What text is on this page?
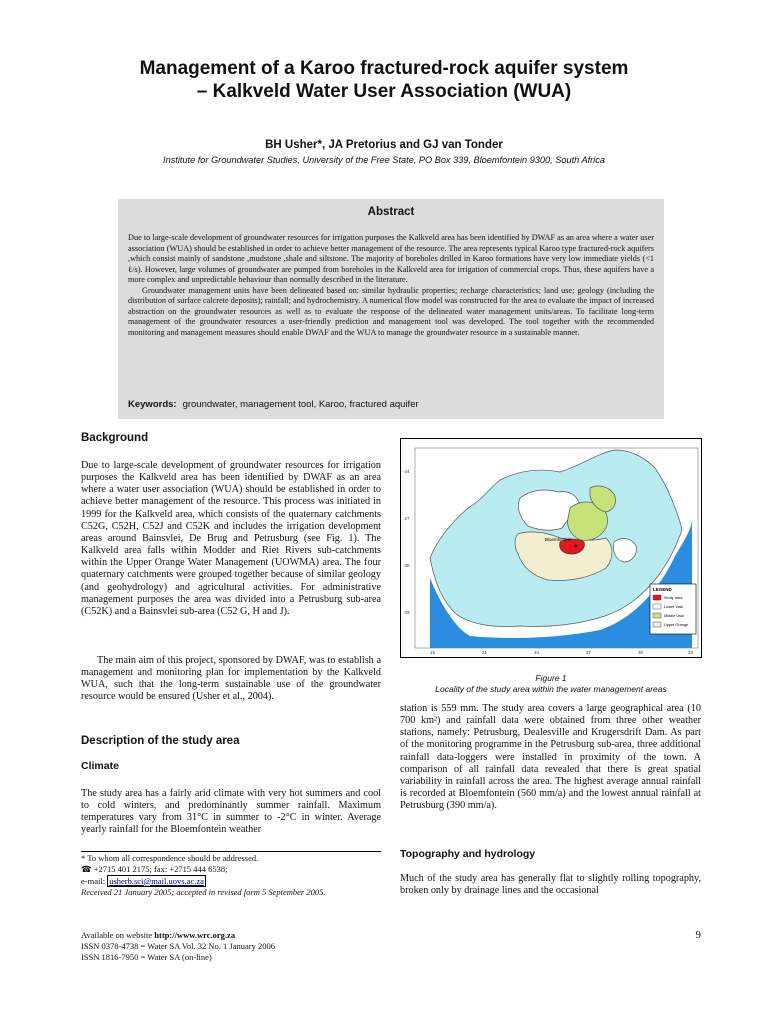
Management of a Karoo fractured-rock aquifer system
– Kalkveld Water User Association (WUA)
BH Usher*, JA Pretorius and GJ van Tonder
Institute for Groundwater Studies, University of the Free State, PO Box 339, Bloemfontein 9300, South Africa
Abstract

Due to large-scale development of groundwater resources for irrigation purposes the Kalkveld area has been identified by DWAF as an area where a water user association (WUA) should be established in order to achieve better management of the resource. The area represents typical Karoo type fractured-rock aquifers ,which consist mainly of sandstone ,mudstone ,shale and siltstone. The majority of boreholes drilled in Karoo formations have very low immediate yields (<1 ℓ/s). However, large volumes of groundwater are pumped from boreholes in the Kalkveld area for irrigation of commercial crops. Thus, these aquifers have a more complex and unpredictable behaviour than normally described in the literature.

Groundwater management units have been delineated based on: similar hydraulic properties; recharge characteristics; land use; geology (including the distribution of surface calcrete deposits); rainfall; and hydrochemistry. A numerical flow model was constructed for the area to evaluate the impact of increased abstraction on the groundwater resources as well as to evaluate the response of the delineated water management units/areas. To facilitate long-term management of the groundwater resources a user-friendly prediction and management tool was developed. The tool together with the recommended monitoring and management measures should enable DWAF and the WUA to manage the groundwater resource in a sustainable manner.

Keywords: groundwater, management tool, Karoo, fractured aquifer
Background

Due to large-scale development of groundwater resources for irrigation purposes the Kalkveld area has been identified by DWAF as an area where a water user association (WUA) should be established in order to achieve better management of the resource. This process was initiated in 1999 for the Kalkveld area, which consists of the quaternary catchments C52G, C52H, C52J and C52K and includes the irrigation development areas around Bainsvlei, De Brug and Petrusburg (see Fig. 1). The Kalkveld area falls within Modder and Riet Rivers sub-catchments within the Upper Orange Water Management (UOWMA) area. The four quaternary catchments were grouped together because of similar geology (and geohydrology) and agricultural activities. For administrative management purposes the area was divided into a Petrusburg sub-area (C52K) and a Bainsvlei sub-area (C52 G, H and J).

The main aim of this project, sponsored by DWAF, was to establish a management and monitoring plan for implementation by the Kalkveld WUA, such that the long-term sustainable use of the groundwater resource would be ensured (Usher et al., 2004).

Description of the study area
Climate

The study area has a fairly arid climate with very hot summers and cool to cold winters, and predominantly summer rainfall. Maximum temperatures vary from 31°C in summer to -2°C in winter. Average yearly rainfall for the Bloemfontein weather

Bloemfontein
-24
-27
-30
-33
18	21	24	27	30	33
LEGEND
Study area
Lower Vaal
Middle Vaal
Upper Orange
Figure 1
Locality of the study area within the water management areas

station is 559 mm. The study area covers a large geographical area (10 700 km²) and rainfall data were obtained from three other weather stations, namely: Petrusburg, Dealesville and Krugersdrift Dam. As part of the monitoring programme in the Petrusburg sub-area, three additional rainfall data-loggers were installed in proximity of the town. A comparison of all rainfall data revealed that there is great spatial variability in rainfall across the area. The highest average annual rainfall is recorded at Bloemfontein (560 mm/a) and the lowest annual rainfall at Petrusburg (390 mm/a).

Topography and hydrology

Much of the study area has generally flat to slightly rolling topography, broken only by drainage lines and the occasional

* To whom all correspondence should be addressed.
☎ +2715 401 2175; fax: +2715 444 6538;
e-mail: usherb.sci@mail.uovs.ac.za
Received 21 January 2005; accepted in revised form 5 September 2005.
Available on website http://www.wrc.org.za
ISSN 0378-4738 = Water SA Vol. 32 No. 1 January 2006
ISSN 1816-7950 = Water SA (on-line)
9
